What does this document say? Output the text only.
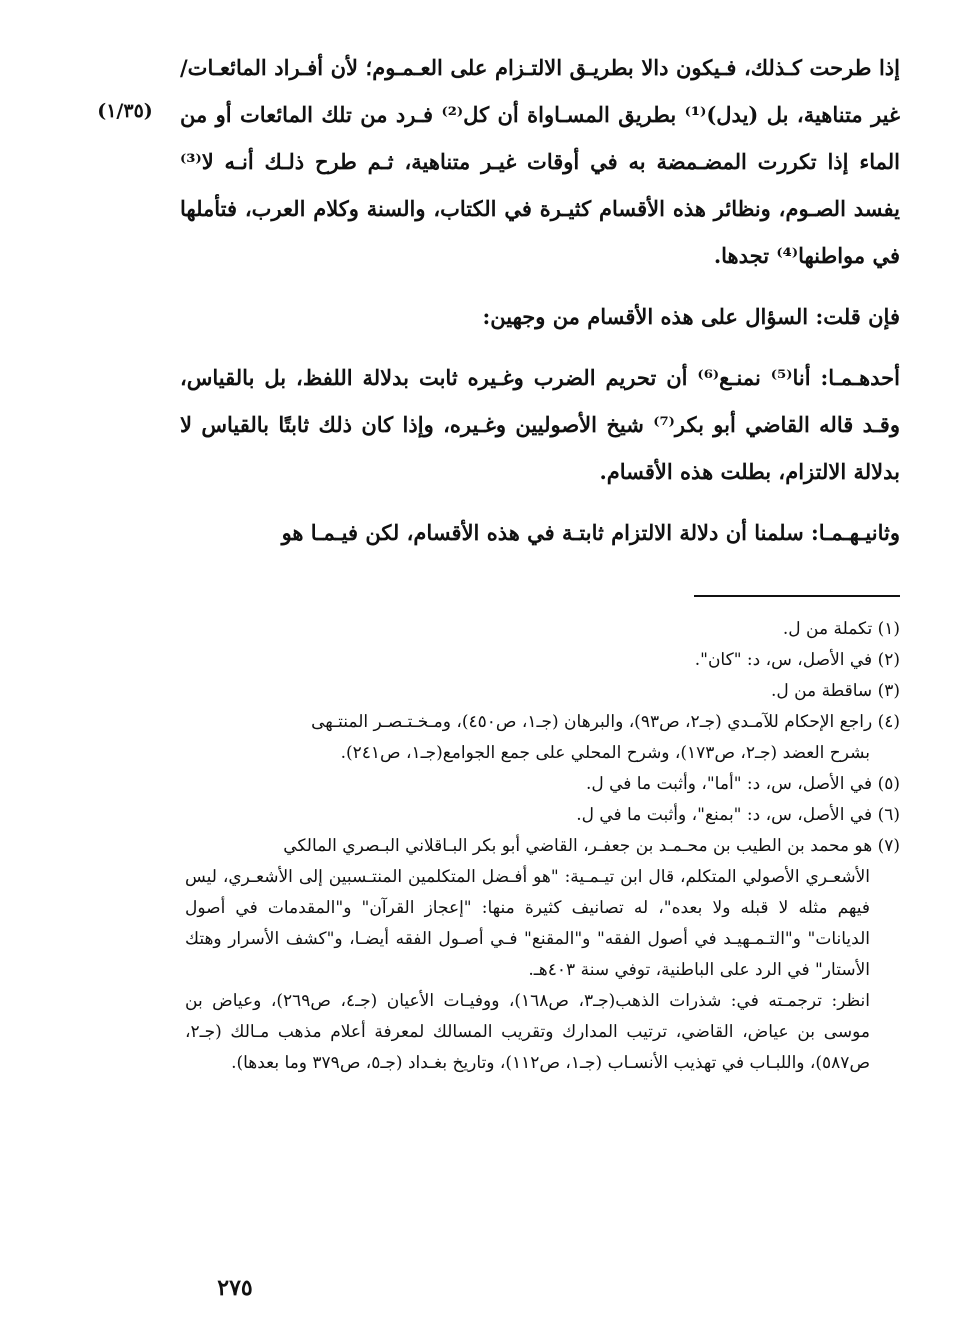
(١/٣٥)

إذا طرحت كـذلك، فـيكون دالا بطريـق الالتـزام على العـمـوم؛ لأن أفـراد المائعـات/ غير متناهية، بل (يدل)⁽¹⁾ بطريق المسـاواة أن كل⁽²⁾ فـرد من تلك المائعات أو من الماء إذا تكررت المضـمضة به في أوقات غيـر متناهية، ثـم طرح ذلـك أنـه لا⁽³⁾ يفسد الصـوم، ونظائر هذه الأقسام كثيـرة في الكتاب، والسنة وكلام العرب، فتأملها في مواطنها⁽⁴⁾ تجدها.

فإن قلت: السؤال على هذه الأقسام من وجهين:

أحدهـمـا: أنا⁽⁵⁾ نمنـع⁽⁶⁾ أن تحريم الضرب وغـيره ثابت بدلالة اللفظ، بل بالقياس، وقـد قاله القاضي أبو بكر⁽⁷⁾ شيخ الأصوليين وغـيره، وإذا كان ذلك ثابتًا بالقياس لا بدلالة الالتزام، بطلت هذه الأقسام.

وثانيـهـمـا: سلمنا أن دلالة الالتزام ثابتـة في هذه الأقسام، لكن فيـمـا هو

(١) تكملة من ل.

(٢) في الأصل، س، د: "كان".

(٣) ساقطة من ل.

(٤) راجع الإحكام للآمـدي (جـ٢، ص٩٣)، والبرهان (جـ١، ص٤٥٠)، ومـخـتـصـر المنتـهى

بشرح العضد (جـ٢، ص١٧٣)، وشرح المحلي على جمع الجوامع(جـ١، ص٢٤١).

(٥) في الأصل، س، د: "أما"، وأثبت ما في ل.

(٦) في الأصل، س، د: "بمنع"، وأثبت ما في ل.

(٧) هو محمد بن الطيب بن محـمـد بن جعفـر، القاضي أبو بكر البـاقلاني البـصري المالكي

الأشعـري الأصولي المتكلم، قال ابن تيـمـية: "هو أفـضل المتكلمين المنتـسبين إلى الأشعـري، ليس فيهم مثله لا قبله ولا بعده"، له تصانيف كثيرة منها: "إعجاز القرآن" و"المقدمات في أصول الديانات" و"التـمـهيـد في أصول الفقه" و"المقنع" فـي أصـول الفقه أيضـا، و"كشف الأسرار وهتك الأستار" في الرد على الباطنية، توفي سنة ٤٠٣هـ.

انظر: ترجمـته في: شذرات الذهب(جـ٣، ص١٦٨)، ووفيـات الأعيان (جـ٤، ص٢٦٩)، وعياض بن موسى بن عياض، القاضي، ترتيب المدارك وتقريب المسالك لمعرفة أعلام مذهب مـالك (جـ٢، ص٥٨٧)، واللبـاب في تهذيب الأنسـاب (جـ١، ص١١٢)، وتاريخ بغـداد (جـ٥، ص٣٧٩ وما بعدها).

٢٧٥
